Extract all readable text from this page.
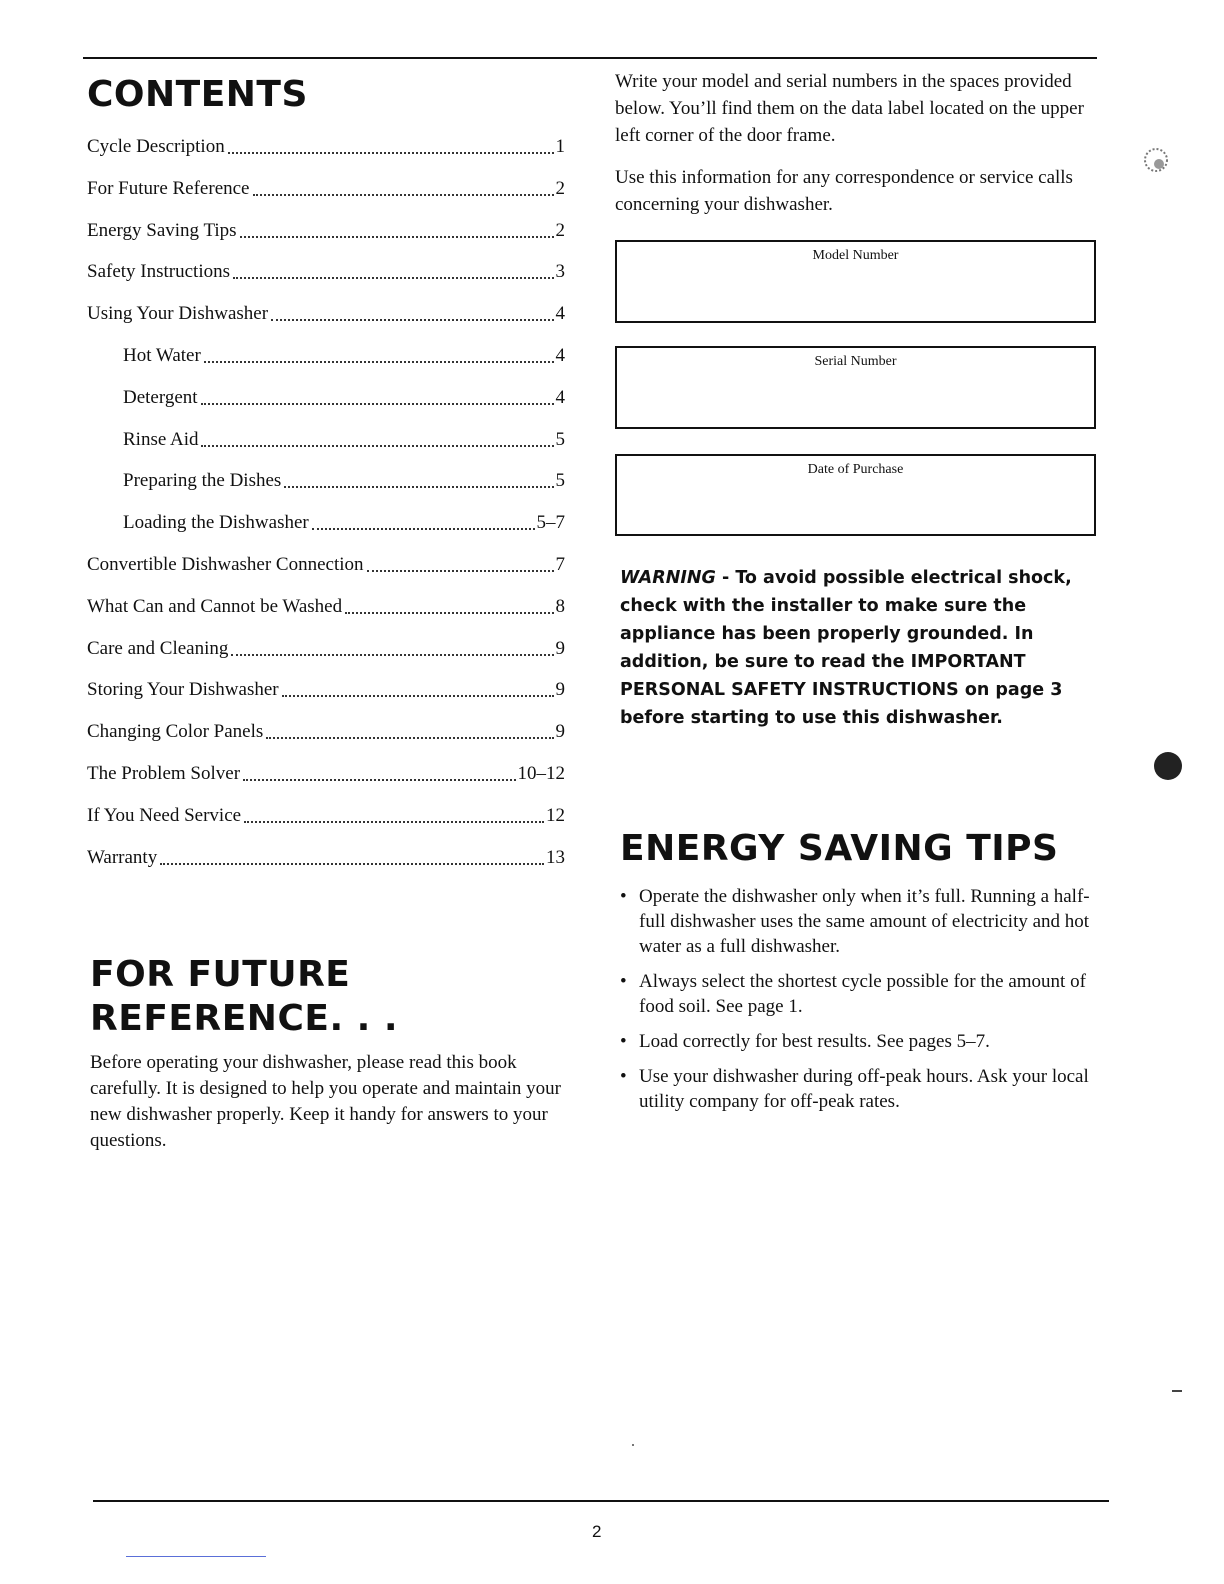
CONTENTS
Cycle Description	1
For Future Reference	2
Energy Saving Tips	2
Safety Instructions	3
Using Your Dishwasher	4
Hot Water	4
Detergent	4
Rinse Aid	5
Preparing the Dishes	5
Loading the Dishwasher	5–7
Convertible Dishwasher Connection	7
What Can and Cannot be Washed	8
Care and Cleaning	9
Storing Your Dishwasher	9
Changing Color Panels	9
The Problem Solver	10–12
If You Need Service	12
Warranty	13
FOR FUTURE
REFERENCE. . .

Before operating your dishwasher, please read this book carefully. It is designed to help you operate and maintain your new dishwasher properly. Keep it handy for answers to your questions.

Write your model and serial numbers in the spaces provided below. You’ll find them on the data label located on the upper left corner of the door frame.

Use this information for any correspondence or service calls concerning your dishwasher.

Model Number
Serial Number
Date of Purchase

WARNING - To avoid possible electrical shock, check with the installer to make sure the appliance has been properly grounded. In addition, be sure to read the IMPORTANT PERSONAL SAFETY INSTRUCTIONS on page 3 before starting to use this dishwasher.

ENERGY SAVING TIPS
• Operate the dishwasher only when it’s full. Running a half-full dishwasher uses the same amount of electricity and hot water as a full dishwasher.
• Always select the shortest cycle possible for the amount of food soil. See page 1.
• Load correctly for best results. See pages 5–7.
• Use your dishwasher during off-peak hours. Ask your local utility company for off-peak rates.
2
